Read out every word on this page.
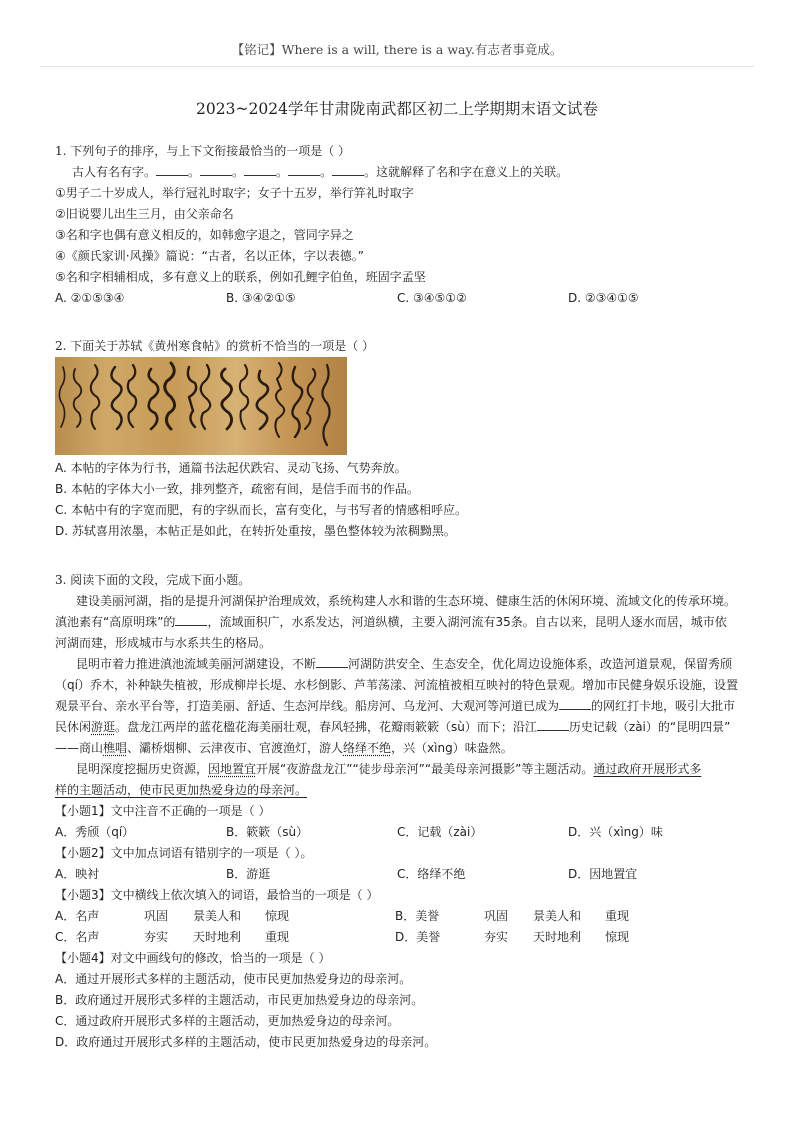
【铭记】Where is a will, there is a way.有志者事竟成。
2023~2024学年甘肃陇南武都区初二上学期期末语文试卷
1. 下列句子的排序，与上下文衔接最恰当的一项是（ ）
古人有名有字。	。	。	。	。	。这就解释了名和字在意义上的关联。
①男子二十岁成人，举行冠礼时取字；女子十五岁，举行笄礼时取字
②旧说婴儿出生三月，由父亲命名
③名和字也偶有意义相反的，如韩愈字退之，管同字异之
④《颜氏家训·风操》篇说：“古者，名以正体，字以表德。”
⑤名和字相辅相成，多有意义上的联系，例如孔鲤字伯鱼，班固字孟坚
A. ②①⑤③④	B. ③④②①⑤	C. ③④⑤①②	D. ②③④①⑤
2. 下面关于苏轼《黄州寒食帖》的赏析不恰当的一项是（ ）
A. 本帖的字体为行书，通篇书法起伏跌宕、灵动飞扬、气势奔放。
B. 本帖的字体大小一致，排列整齐，疏密有间，是信手而书的作品。
C. 本帖中有的字宽而肥，有的字纵而长，富有变化，与书写者的情感相呼应。
D. 苏轼喜用浓墨，本帖正是如此，在转折处重按，墨色整体较为浓稠黝黑。
3. 阅读下面的文段，完成下面小题。
建设美丽河湖，指的是提升河湖保护治理成效，系统构建人水和谐的生态环境、健康生活的休闲环境、流域文化的传承环境。
滇池素有“高原明珠”的	，流域面积广，水系发达，河道纵横，主要入湖河流有35条。自古以来，昆明人逐水而居，城市依
河湖而建，形成城市与水系共生的格局。
昆明市着力推进滇池流域美丽河湖建设，不断	河湖防洪安全、生态安全，优化周边设施体系，改造河道景观，保留秀颀
（qí）乔木，补种缺失植被，形成柳岸长堤、水杉倒影、芦苇荡漾、河流植被相互映衬的特色景观。增加市民健身娱乐设施，设置
观景平台、亲水平台等，打造美丽、舒适、生态河岸线。船房河、乌龙河、大观河等河道已成为	的网红打卡地，吸引大批市
民休闲游逛。盘龙江两岸的蓝花楹花海美丽壮观，春风轻拂，花瓣雨簌簌（sù）而下；沿江	历史记载（zài）的“昆明四景”
——商山樵唱、灞桥烟柳、云津夜市、官渡渔灯，游人络绎不绝，兴（xìng）味盎然。
昆明深度挖掘历史资源，因地置宜开展“夜游盘龙江”“徒步母亲河”“最美母亲河摄影”等主题活动。通过政府开展形式多
样的主题活动，使市民更加热爱身边的母亲河。
【小题1】文中注音不正确的一项是（ ）
A．秀颀（qí）	B．簌簌（sù）	C．记载（zài）	D．兴（xìng）味
【小题2】文中加点词语有错别字的一项是（ ）。
A．映衬	B．游逛	C．络绎不绝	D．因地置宜
【小题3】文中横线上依次填入的词语，最恰当的一项是（ ）
A．名声	巩固 景美人和 惊现	B．美誉	巩固 景美人和 重现
C．名声	夯实 天时地利 重现	D．美誉	夯实 天时地利 惊现
【小题4】对文中画线句的修改，恰当的一项是（ ）
A．通过开展形式多样的主题活动，使市民更加热爱身边的母亲河。
B．政府通过开展形式多样的主题活动，市民更加热爱身边的母亲河。
C．通过政府开展形式多样的主题活动，更加热爱身边的母亲河。
D．政府通过开展形式多样的主题活动，使市民更加热爱身边的母亲河。
